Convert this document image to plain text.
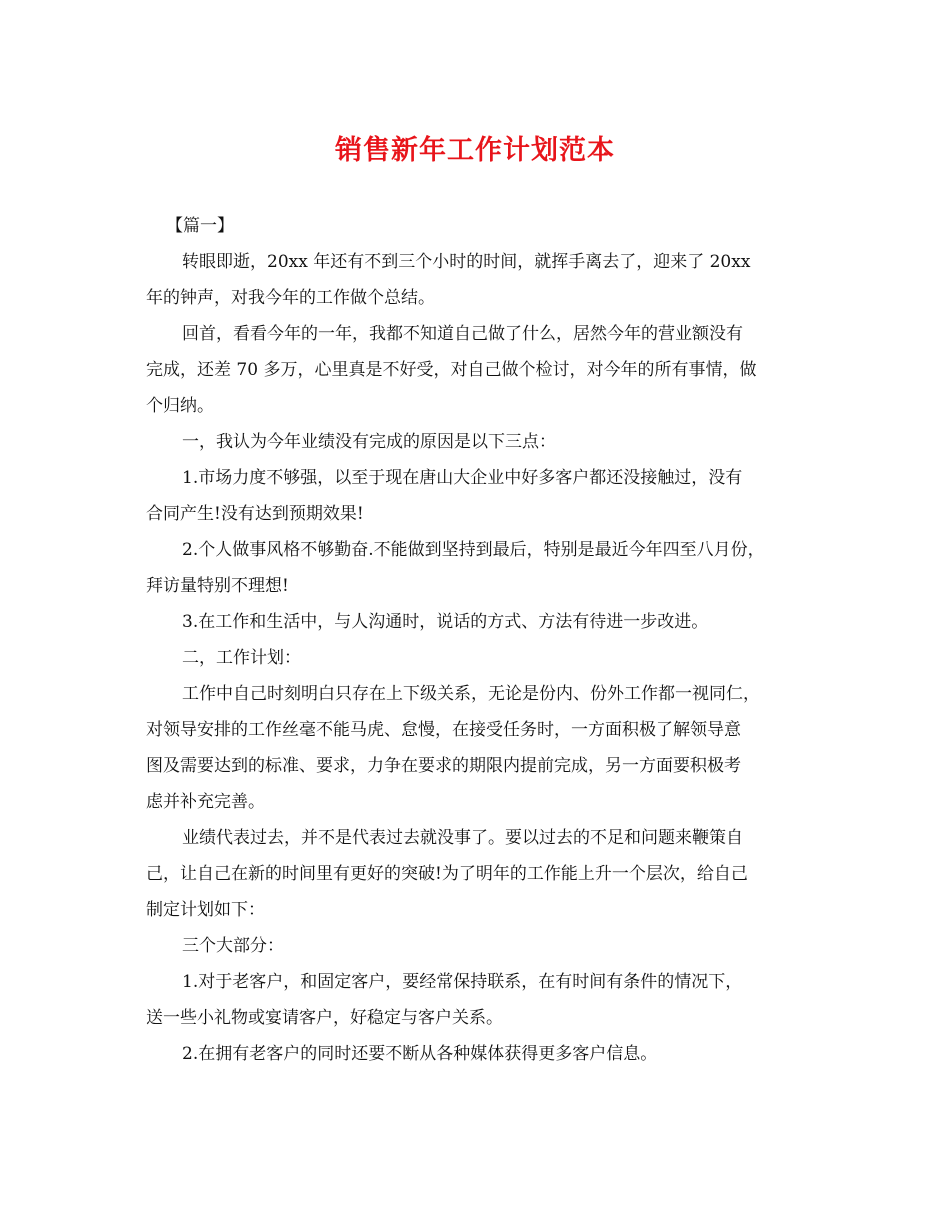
销售新年工作计划范本
【篇一】
转眼即逝，20xx 年还有不到三个小时的时间，就挥手离去了，迎来了 20xx
年的钟声，对我今年的工作做个总结。
回首，看看今年的一年，我都不知道自己做了什么，居然今年的营业额没有
完成，还差 70 多万，心里真是不好受，对自己做个检讨，对今年的所有事情，做
个归纳。
一，我认为今年业绩没有完成的原因是以下三点：
1.市场力度不够强，以至于现在唐山大企业中好多客户都还没接触过，没有
合同产生!没有达到预期效果!
2.个人做事风格不够勤奋.不能做到坚持到最后，特别是最近今年四至八月份，
拜访量特别不理想!
3.在工作和生活中，与人沟通时，说话的方式、方法有待进一步改进。
二，工作计划：
工作中自己时刻明白只存在上下级关系，无论是份内、份外工作都一视同仁，
对领导安排的工作丝毫不能马虎、怠慢，在接受任务时，一方面积极了解领导意
图及需要达到的标准、要求，力争在要求的期限内提前完成，另一方面要积极考
虑并补充完善。
业绩代表过去，并不是代表过去就没事了。要以过去的不足和问题来鞭策自
己，让自己在新的时间里有更好的突破!为了明年的工作能上升一个层次，给自己
制定计划如下：
三个大部分：
1.对于老客户，和固定客户，要经常保持联系，在有时间有条件的情况下，
送一些小礼物或宴请客户，好稳定与客户关系。
2.在拥有老客户的同时还要不断从各种媒体获得更多客户信息。
